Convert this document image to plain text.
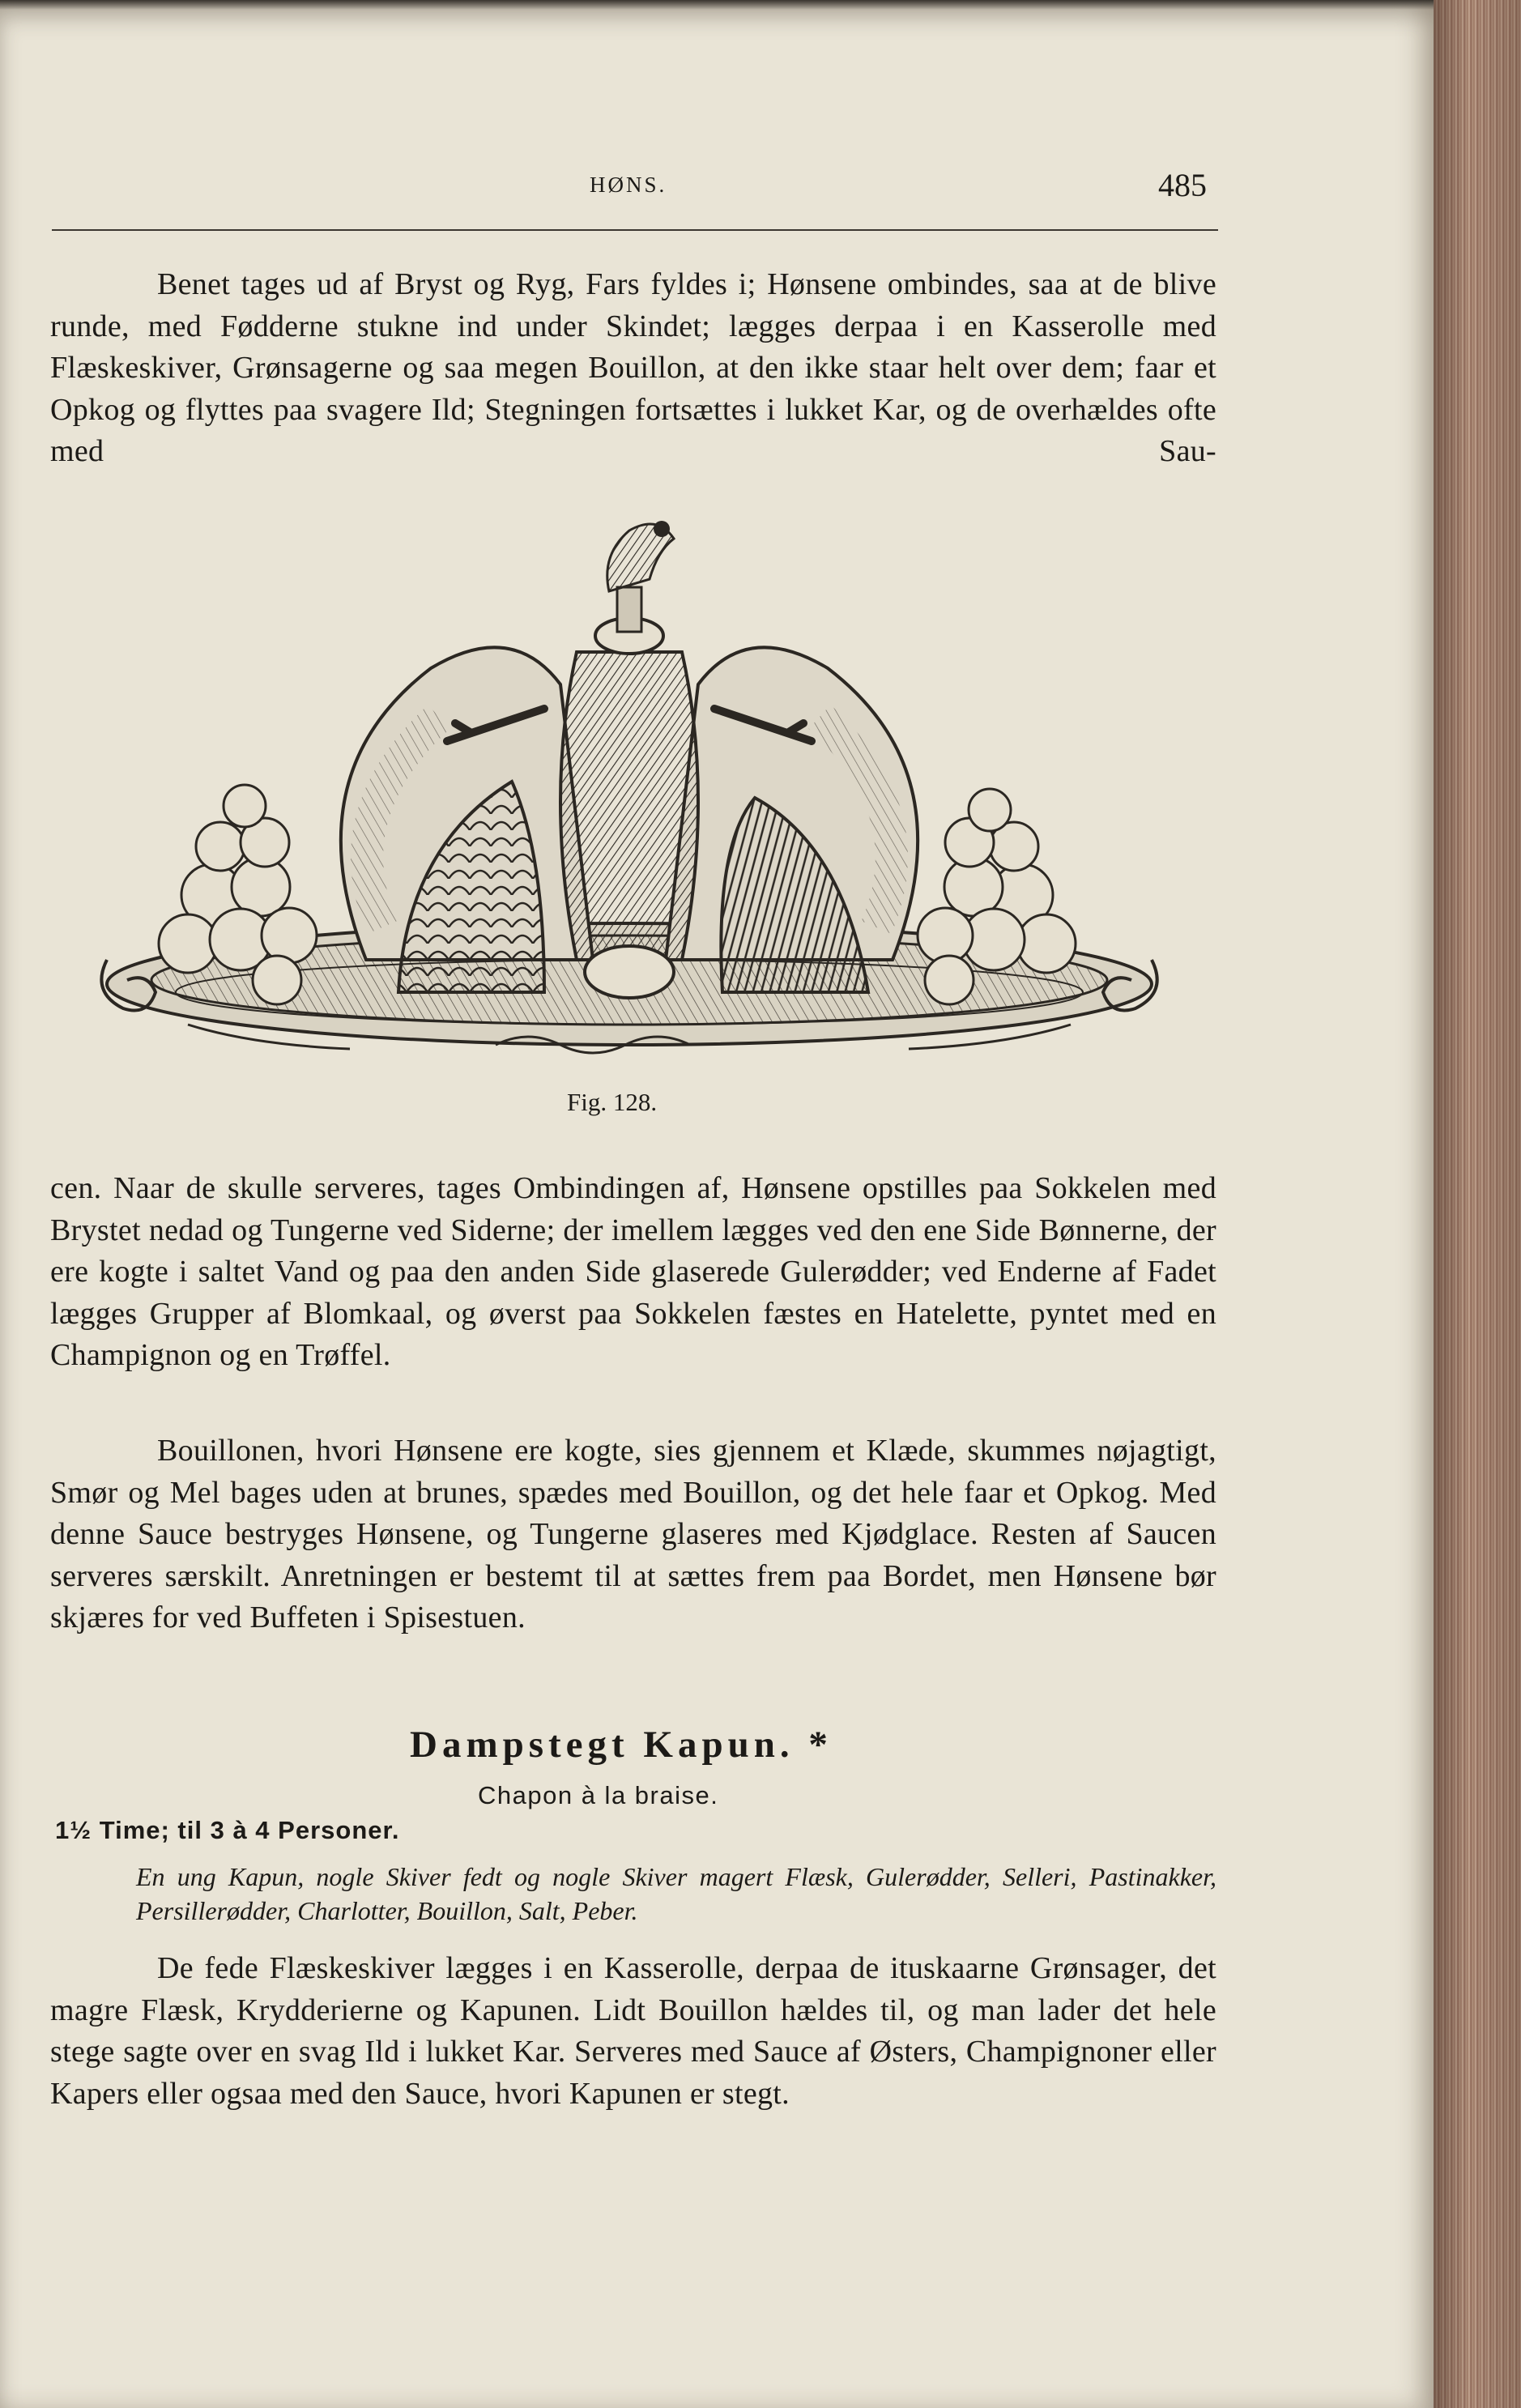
HØNS.	485

Benet tages ud af Bryst og Ryg, Fars fyldes i; Hønsene ombindes, saa at de blive runde, med Fødderne stukne ind under Skindet; lægges derpaa i en Kasserolle med Flæskeskiver, Grønsagerne og saa megen Bouillon, at den ikke staar helt over dem; faar et Opkog og flyttes paa svagere Ild; Stegningen fortsættes i lukket Kar, og de overhældes ofte med Sau-

Fig. 128.

cen. Naar de skulle serveres, tages Ombindingen af, Hønsene opstilles paa Sokkelen med Brystet nedad og Tungerne ved Siderne; der imellem lægges ved den ene Side Bønnerne, der ere kogte i saltet Vand og paa den anden Side glaserede Gulerødder; ved Enderne af Fadet lægges Grupper af Blomkaal, og øverst paa Sokkelen fæstes en Hatelette, pyntet med en Champignon og en Trøffel.

Bouillonen, hvori Hønsene ere kogte, sies gjennem et Klæde, skummes nøjagtigt, Smør og Mel bages uden at brunes, spædes med Bouillon, og det hele faar et Opkog. Med denne Sauce bestryges Hønsene, og Tungerne glaseres med Kjødglace. Resten af Saucen serveres særskilt. Anretningen er bestemt til at sættes frem paa Bordet, men Hønsene bør skjæres for ved Buffeten i Spisestuen.

Dampstegt Kapun. *
Chapon à la braise.
1½ Time; til 3 à 4 Personer.

En ung Kapun, nogle Skiver fedt og nogle Skiver magert Flæsk, Gulerødder, Selleri, Pastinakker, Persillerødder, Charlotter, Bouillon, Salt, Peber.

De fede Flæskeskiver lægges i en Kasserolle, derpaa de ituskaarne Grønsager, det magre Flæsk, Krydderierne og Kapunen. Lidt Bouillon hældes til, og man lader det hele stege sagte over en svag Ild i lukket Kar. Serveres med Sauce af Østers, Champignoner eller Kapers eller ogsaa med den Sauce, hvori Kapunen er stegt.
